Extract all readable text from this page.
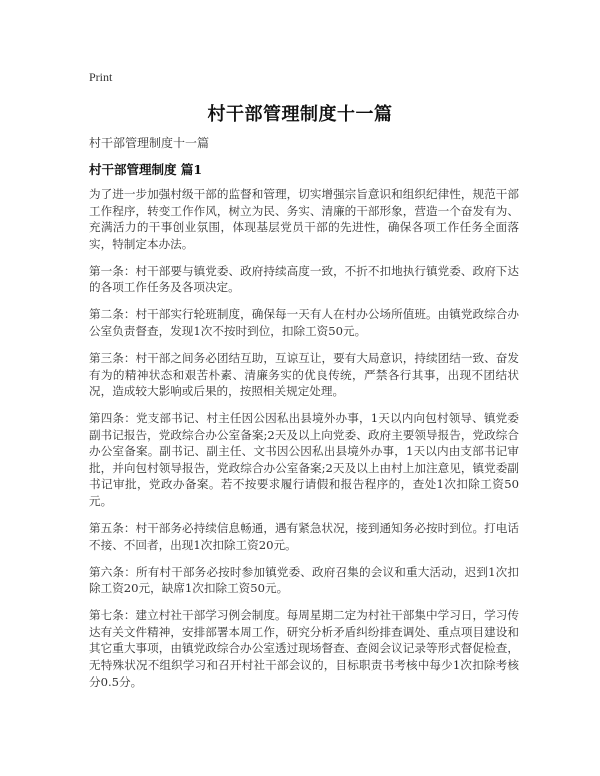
Print
村干部管理制度十一篇
村干部管理制度十一篇
村干部管理制度 篇1

为了进一步加强村级干部的监督和管理，切实增强宗旨意识和组织纪律性，规范干部工作程序，转变工作作风，树立为民、务实、清廉的干部形象，营造一个奋发有为、充满活力的干事创业氛围，体现基层党员干部的先进性，确保各项工作任务全面落实，特制定本办法。

第一条：村干部要与镇党委、政府持续高度一致，不折不扣地执行镇党委、政府下达的各项工作任务及各项决定。

第二条：村干部实行轮班制度，确保每一天有人在村办公场所值班。由镇党政综合办公室负责督查，发现1次不按时到位，扣除工资50元。

第三条：村干部之间务必团结互助，互谅互让，要有大局意识，持续团结一致、奋发有为的精神状态和艰苦朴素、清廉务实的优良传统，严禁各行其事，出现不团结状况，造成较大影响或后果的，按照相关规定处理。

第四条：党支部书记、村主任因公因私出县境外办事，1天以内向包村领导、镇党委副书记报告，党政综合办公室备案;2天及以上向党委、政府主要领导报告，党政综合办公室备案。副书记、副主任、文书因公因私出县境外办事，1天以内由支部书记审批，并向包村领导报告，党政综合办公室备案;2天及以上由村上加注意见，镇党委副书记审批，党政办备案。若不按要求履行请假和报告程序的，查处1次扣除工资50元。

第五条：村干部务必持续信息畅通，遇有紧急状况，接到通知务必按时到位。打电话不接、不回者，出现1次扣除工资20元。

第六条：所有村干部务必按时参加镇党委、政府召集的会议和重大活动，迟到1次扣除工资20元，缺席1次扣除工资50元。

第七条：建立村社干部学习例会制度。每周星期二定为村社干部集中学习日，学习传达有关文件精神，安排部署本周工作，研究分析矛盾纠纷排查调处、重点项目建设和其它重大事项，由镇党政综合办公室透过现场督查、查阅会议记录等形式督促检查，无特殊状况不组织学习和召开村社干部会议的，目标职责书考核中每少1次扣除考核分0.5分。
